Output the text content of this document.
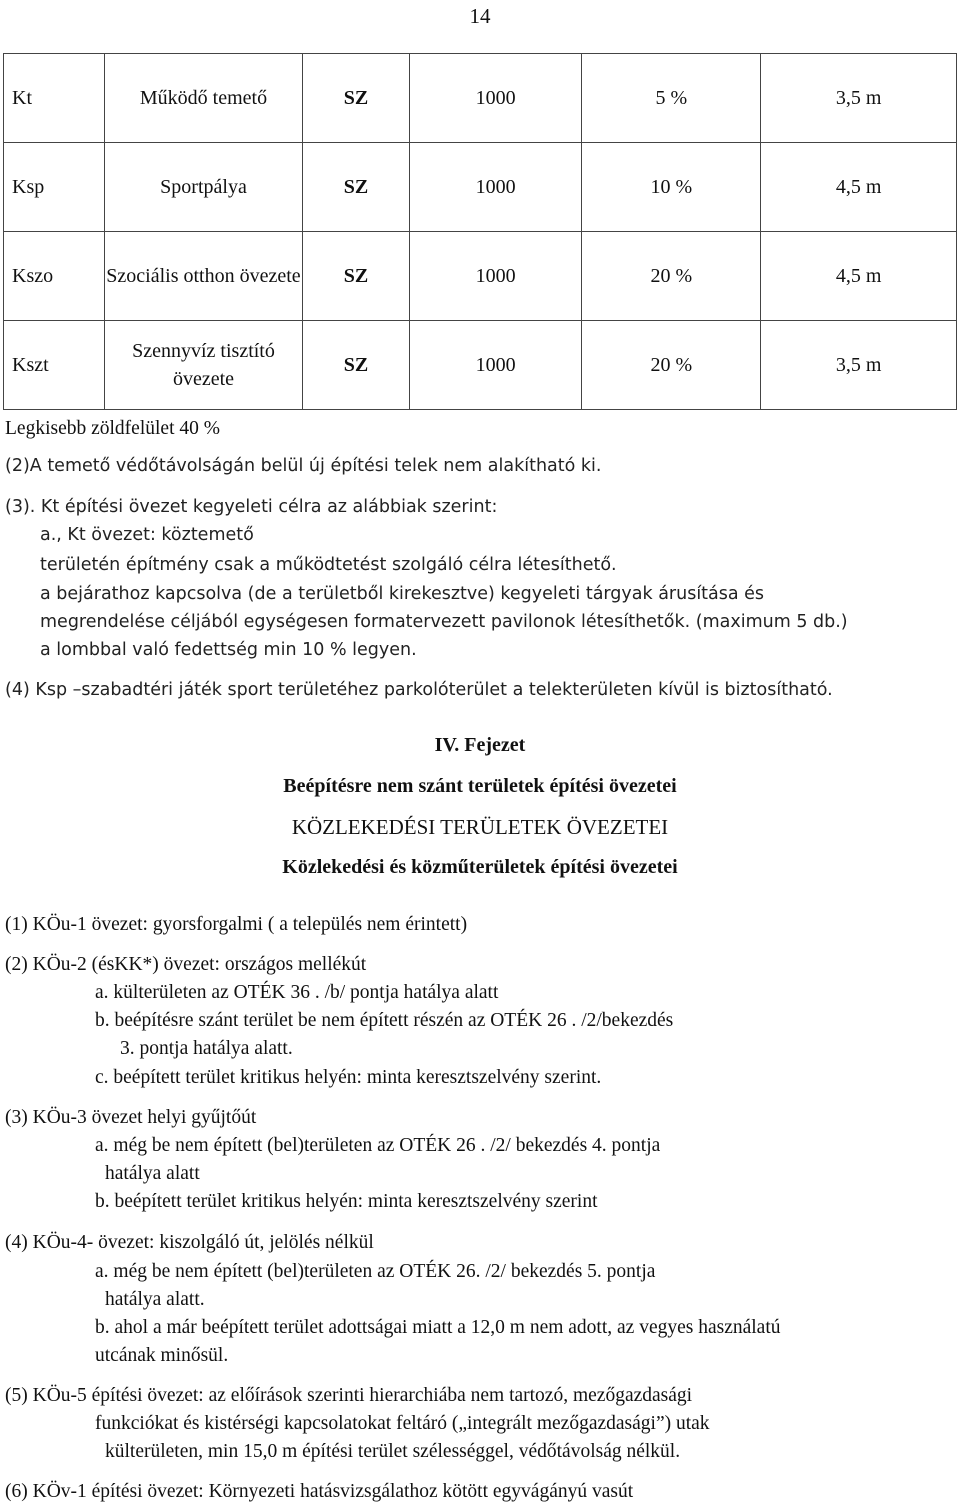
14
Kt	Működő temető	SZ	1000	5 %	3,5 m
Ksp	Sportpálya	SZ	1000	10 %	4,5 m
Kszo	Szociális otthon övezete	SZ	1000	20 %	4,5 m
Kszt	Szennyvíz tisztító övezete	SZ	1000	20 %	3,5 m
Legkisebb zöldfelület 40 %
(2)A temető védőtávolságán belül új építési telek nem alakítható ki.
(3). Kt építési övezet kegyeleti célra az alábbiak szerint:
a., Kt övezet: köztemető
területén építmény csak a működtetést szolgáló célra létesíthető.
a bejárathoz kapcsolva (de a területből kirekesztve) kegyeleti tárgyak árusítása és
megrendelése céljából egységesen formatervezett pavilonok létesíthetők. (maximum 5 db.)
a lombbal való fedettség min 10 % legyen.
(4) Ksp –szabadtéri játék sport területéhez parkolóterület a telekterületen kívül is biztosítható.
IV. Fejezet
Beépítésre nem szánt területek építési övezetei
KÖZLEKEDÉSI TERÜLETEK ÖVEZETEI
Közlekedési és közműterületek építési övezetei
(1) KÖu-1 övezet: gyorsforgalmi ( a település nem érintett)
(2) KÖu-2 (ésKK*) övezet: országos mellékút
a. külterületen az OTÉK 36 . /b/ pontja hatálya alatt
b. beépítésre szánt terület be nem épített részén az OTÉK 26 . /2/bekezdés
3. pontja hatálya alatt.
c. beépített terület kritikus helyén: minta keresztszelvény szerint.
(3) KÖu-3 övezet helyi gyűjtőút
a. még be nem épített (bel)területen az OTÉK 26 . /2/ bekezdés 4. pontja
hatálya alatt
b. beépített terület kritikus helyén: minta keresztszelvény szerint
(4) KÖu-4- övezet: kiszolgáló út, jelölés nélkül
a. még be nem épített (bel)területen az OTÉK 26. /2/ bekezdés 5. pontja
hatálya alatt.
b. ahol a már beépített terület adottságai miatt a 12,0 m nem adott, az vegyes használatú
utcának minősül.
(5) KÖu-5 építési övezet: az előírások szerinti hierarchiába nem tartozó, mezőgazdasági
funkciókat és kistérségi kapcsolatokat feltáró („integrált mezőgazdasági”) utak
külterületen, min 15,0 m építési terület szélességgel, védőtávolság nélkül.
(6) KÖv-1 építési övezet: Környezeti hatásvizsgálathoz kötött egyvágányú vasút
